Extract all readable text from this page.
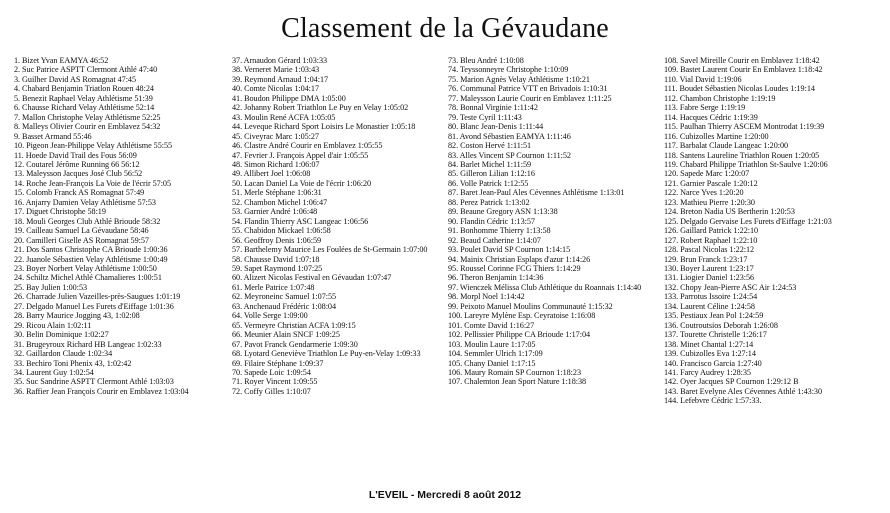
Classement de la Gévaudane
1. Bizet Yvan EAMYA 46:52
2. Suc Patrice ASPTT Clermont Athlé 47:40
3. Guilher David AS Romagnat 47:45
4. Chabard Benjamin Triatlon Rouen 48:24
5. Benezit Raphael Velay Athlétisme 51:39
6. Chausse Richard Velay Athlétisme 52:14
7. Mallon Christophe Velay Athlétisme 52:25
8. Malleys Olivier Courir en Emblavez 54:32
9. Basset Armand 55:46
10. Pigeon Jean-Philippe Velay Athlétisme 55:55
11. Hoede David Trail des Fous 56:09
12. Coutarel Jérôme Running 66 56:12
13. Maleysson Jacques José Club 56:52
14. Roche Jean-François La Voie de l'écrir 57:05
15. Colomb Franck AS Romagnat 57:49
16. Anjarry Damien Velay Athlétisme 57:53
17. Diguet Christophe 58:19
18. Mouli Georges Club Athlé Brioude 58:32
19. Cailleau Samuel La Gévaudane 58:46
20. Camilleri Giselle AS Romagnat 59:57
21. Dos Santos Christophe CA Brioude 1:00:36
22. Juanole Sébastien Velay Athlétisme 1:00:49
23. Boyer Norbert Velay Athlétisme 1:00:50
24. Schiltz Michel Athlé Chamalieres 1:00:51
25. Bay Julien 1:00:53
26. Charrade Julien Vazeilles-près-Saugues 1:01:19
27. Delgado Manuel Les Furets d'Eiffage 1:01:36
28. Barry Maurice Jogging 43, 1:02:08
29. Ricou Alain 1:02:11
30. Belin Dominique 1:02:27
31. Brugeyroux Richard HB Langeac 1:02:33
32. Gaillardon Claude 1:02:34
33. Bechiro Toni Phenix 43, 1:02:42
34. Laurent Guy 1:02:54
35. Suc Sandrine ASPTT Clermont Athlé 1:03:03
36. Raffier Jean François Courir en Emblavez 1:03:04
37. Arnaudon Gérard 1:03:33
38. Verneret Marie 1:03:43
39. Reymond Arnaud 1:04:17
40. Comte Nicolas 1:04:17
41. Boudon Philippe DMA 1:05:00
42. Johanny Robert Triathlon Le Puy en Velay 1:05:02
43. Moulin René ACFA 1:05:05
44. Leveque Richard Sport Loisirs Le Monastier 1:05:18
45. Civeyrac Marc 1:05:27
46. Clastre André Courir en Emblavez 1:05:55
47. Fevrier J. François Appel d'air 1:05:55
48. Simon Richard 1:06:07
49. Allibert Joel 1:06:08
50. Lacan Daniel La Voie de l'écrir 1:06:20
51. Merle Stéphane 1:06:31
52. Chambon Michel 1:06:47
53. Garnier André 1:06:48
54. Flandin Thierry ASC Langeac 1:06:56
55. Chabidon Mickael 1:06:58
56. Geoffroy Denis 1:06:59
57. Barthelemy Maurice Les Foulées de St-Germain 1:07:00
58. Chausse David 1:07:18
59. Sapet Raymond 1:07:25
60. Alizert Nicolas Festival en Gévaudan 1:07:47
61. Merle Patrice 1:07:48
62. Meyroneinc Samuel 1:07:55
63. Anchenaud Frédéric 1:08:04
64. Volle Serge 1:09:00
65. Vermeyre Christian ACFA 1:09:15
66. Meunier Alain SNCF 1:09:25
67. Pavot Franck Gendarmerie 1:09:30
68. Lyotard Geneviève Triathlon Le Puy-en-Velay 1:09:33
69. Filaire Stéphane 1:09:37
70. Sapede Loic 1:09:54
71. Royer Vincent 1:09:55
72. Coffy Gilles 1:10:07
73. Bleu André 1:10:08
74. Teyssonneyre Christophe 1:10:09
75. Marion Agnès Velay Athlétisme 1:10:21
76. Communal Patrice VTT en Brivadois 1:10:31
77. Maleysson Laurie Courir en Emblavez 1:11:25
78. Bonnal Virginie 1:11:42
79. Teste Cyril 1:11:43
80. Blanc Jean-Denis 1:11:44
81. Avond Sébastien EAMYA 1:11:46
82. Coston Hervé 1:11:51
83. Alles Vincent SP Cournon 1:11:52
84. Barlet Michel 1:11:59
85. Gilleron Lilian 1:12:16
86. Volle Patrick 1:12:55
87. Baret Jean-Paul Ales Cévennes Athlétisme 1:13:01
88. Perez Patrick 1:13:02
89. Beaune Gregory ASN 1:13:38
90. Flandin Cédric 1:13:57
91. Bonhomme Thierry 1:13:58
92. Beaud Catherine 1:14:07
93. Poulet David SP Cournon 1:14:15
94. Mainix Christian Esplaps d'azur 1:14:26
95. Roussel Corinne FCG Thiers 1:14:29
96. Theron Benjamin 1:14:36
97. Wienczek Mélissa Club Athlétique du Roannais 1:14:40
98. Morpl Noel 1:14:42
99. Peixoto Manuel Moulins Communauté 1:15:32
100. Lareyre Mylène Esp. Ceyratoise 1:16:08
101. Comte David 1:16:27
102. Pellissier Philippe CA Brioude 1:17:04
103. Moulin Laure 1:17:05
104. Semmler Ulrich 1:17:09
105. Chany Daniel 1:17:15
106. Maury Romain SP Cournon 1:18:23
107. Chalemton Jean Sport Nature 1:18:38
108. Savel Mireille Courir en Emblavez 1:18:42
109. Bastet Laurent Courir En Emblavez 1:18:42
110. Vial David 1:19:06
111. Boudet Sébastien Nicolas Loudes 1:19:14
112. Chambon Christophe 1:19:19
113. Fabre Serge 1:19:19
114. Hacques Cédric 1:19:39
115. Paulhan Thierry ASCEM Montrodat 1:19:39
116. Cubizolles Martine 1:20:00
117. Barbalat Claude Langeac 1:20:00
118. Santens Laureline Triathlon Rouen 1:20:05
119. Chabard Philippe Triathlon St-Saulve 1:20:06
120. Sapede Marc 1:20:07
121. Garnier Pascale 1:20:12
122. Narce Yves 1:20:20
123. Mathieu Pierre 1:20:30
124. Breton Nadia US Bertherin 1:20:53
125. Delgado Gervaise Les Furets d'Eiffage 1:21:03
126. Gaillard Patrick 1:22:10
127. Robert Raphael 1:22:10
128. Pascal Nicolas 1:22:12
129. Brun Franck 1:23:17
130. Boyer Laurent 1:23:17
131. Liogier Daniel 1:23:56
132. Chopy Jean-Pierre ASC Air 1:24:53
133. Parrotus Issoire 1:24:54
134. Laurent Céline 1:24:58
135. Pestiaux Jean Pol 1:24:59
136. Coutroutsios Deborah 1:26:08
137. Tourette Christelle 1:26:17
138. Minet Chantal 1:27:14
139. Cubizolles Eva 1:27:14
140. Francisco Garcia 1:27:40
141. Farcy Audrey 1:28:35
142. Oyer Jacques SP Cournon 1:29:12 B
143. Baret Evelyne Ales Cévennes Athlé 1:43:30
144. Lefebvre Cédric 1:57:33.
L'EVEIL - Mercredi 8 août 2012
